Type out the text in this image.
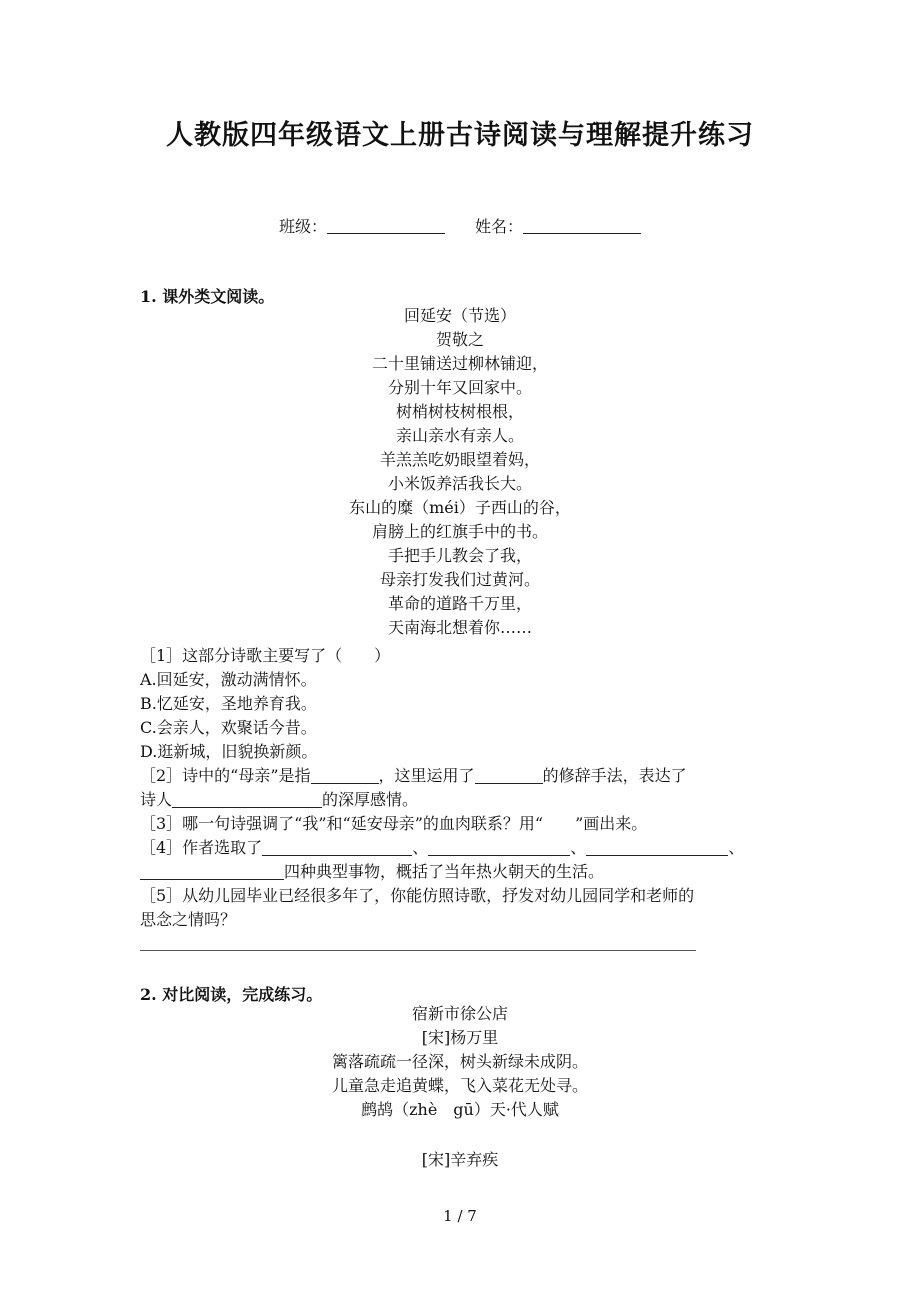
人教版四年级语文上册古诗阅读与理解提升练习
班级：	姓名：
1. 课外类文阅读。
回延安（节选）
贺敬之
二十里铺送过柳林铺迎，
分别十年又回家中。
树梢树枝树根根，
亲山亲水有亲人。
羊羔羔吃奶眼望着妈，
小米饭养活我长大。
东山的糜（méi）子西山的谷，
肩膀上的红旗手中的书。
手把手儿教会了我，
母亲打发我们过黄河。
革命的道路千万里，
天南海北想着你……
［1］这部分诗歌主要写了（　　）
A.回延安，激动满情怀。
B.忆延安，圣地养育我。
C.会亲人，欢聚话今昔。
D.逛新城，旧貌换新颜。
［2］诗中的“母亲”是指	，这里运用了	的修辞手法，表达了
诗人	的深厚感情。
［3］哪一句诗强调了“我”和“延安母亲”的血肉联系？用“　　”画出来。
［4］作者选取了	、	、	、
四种典型事物，概括了当年热火朝天的生活。
［5］从幼儿园毕业已经很多年了，你能仿照诗歌，抒发对幼儿园同学和老师的
思念之情吗？
2. 对比阅读，完成练习。
宿新市徐公店
[宋]杨万里
篱落疏疏一径深，树头新绿未成阴。
儿童急走追黄蝶，飞入菜花无处寻。
鹧鸪（zhè　gū）天·代人赋
[宋]辛弃疾
1 / 7
